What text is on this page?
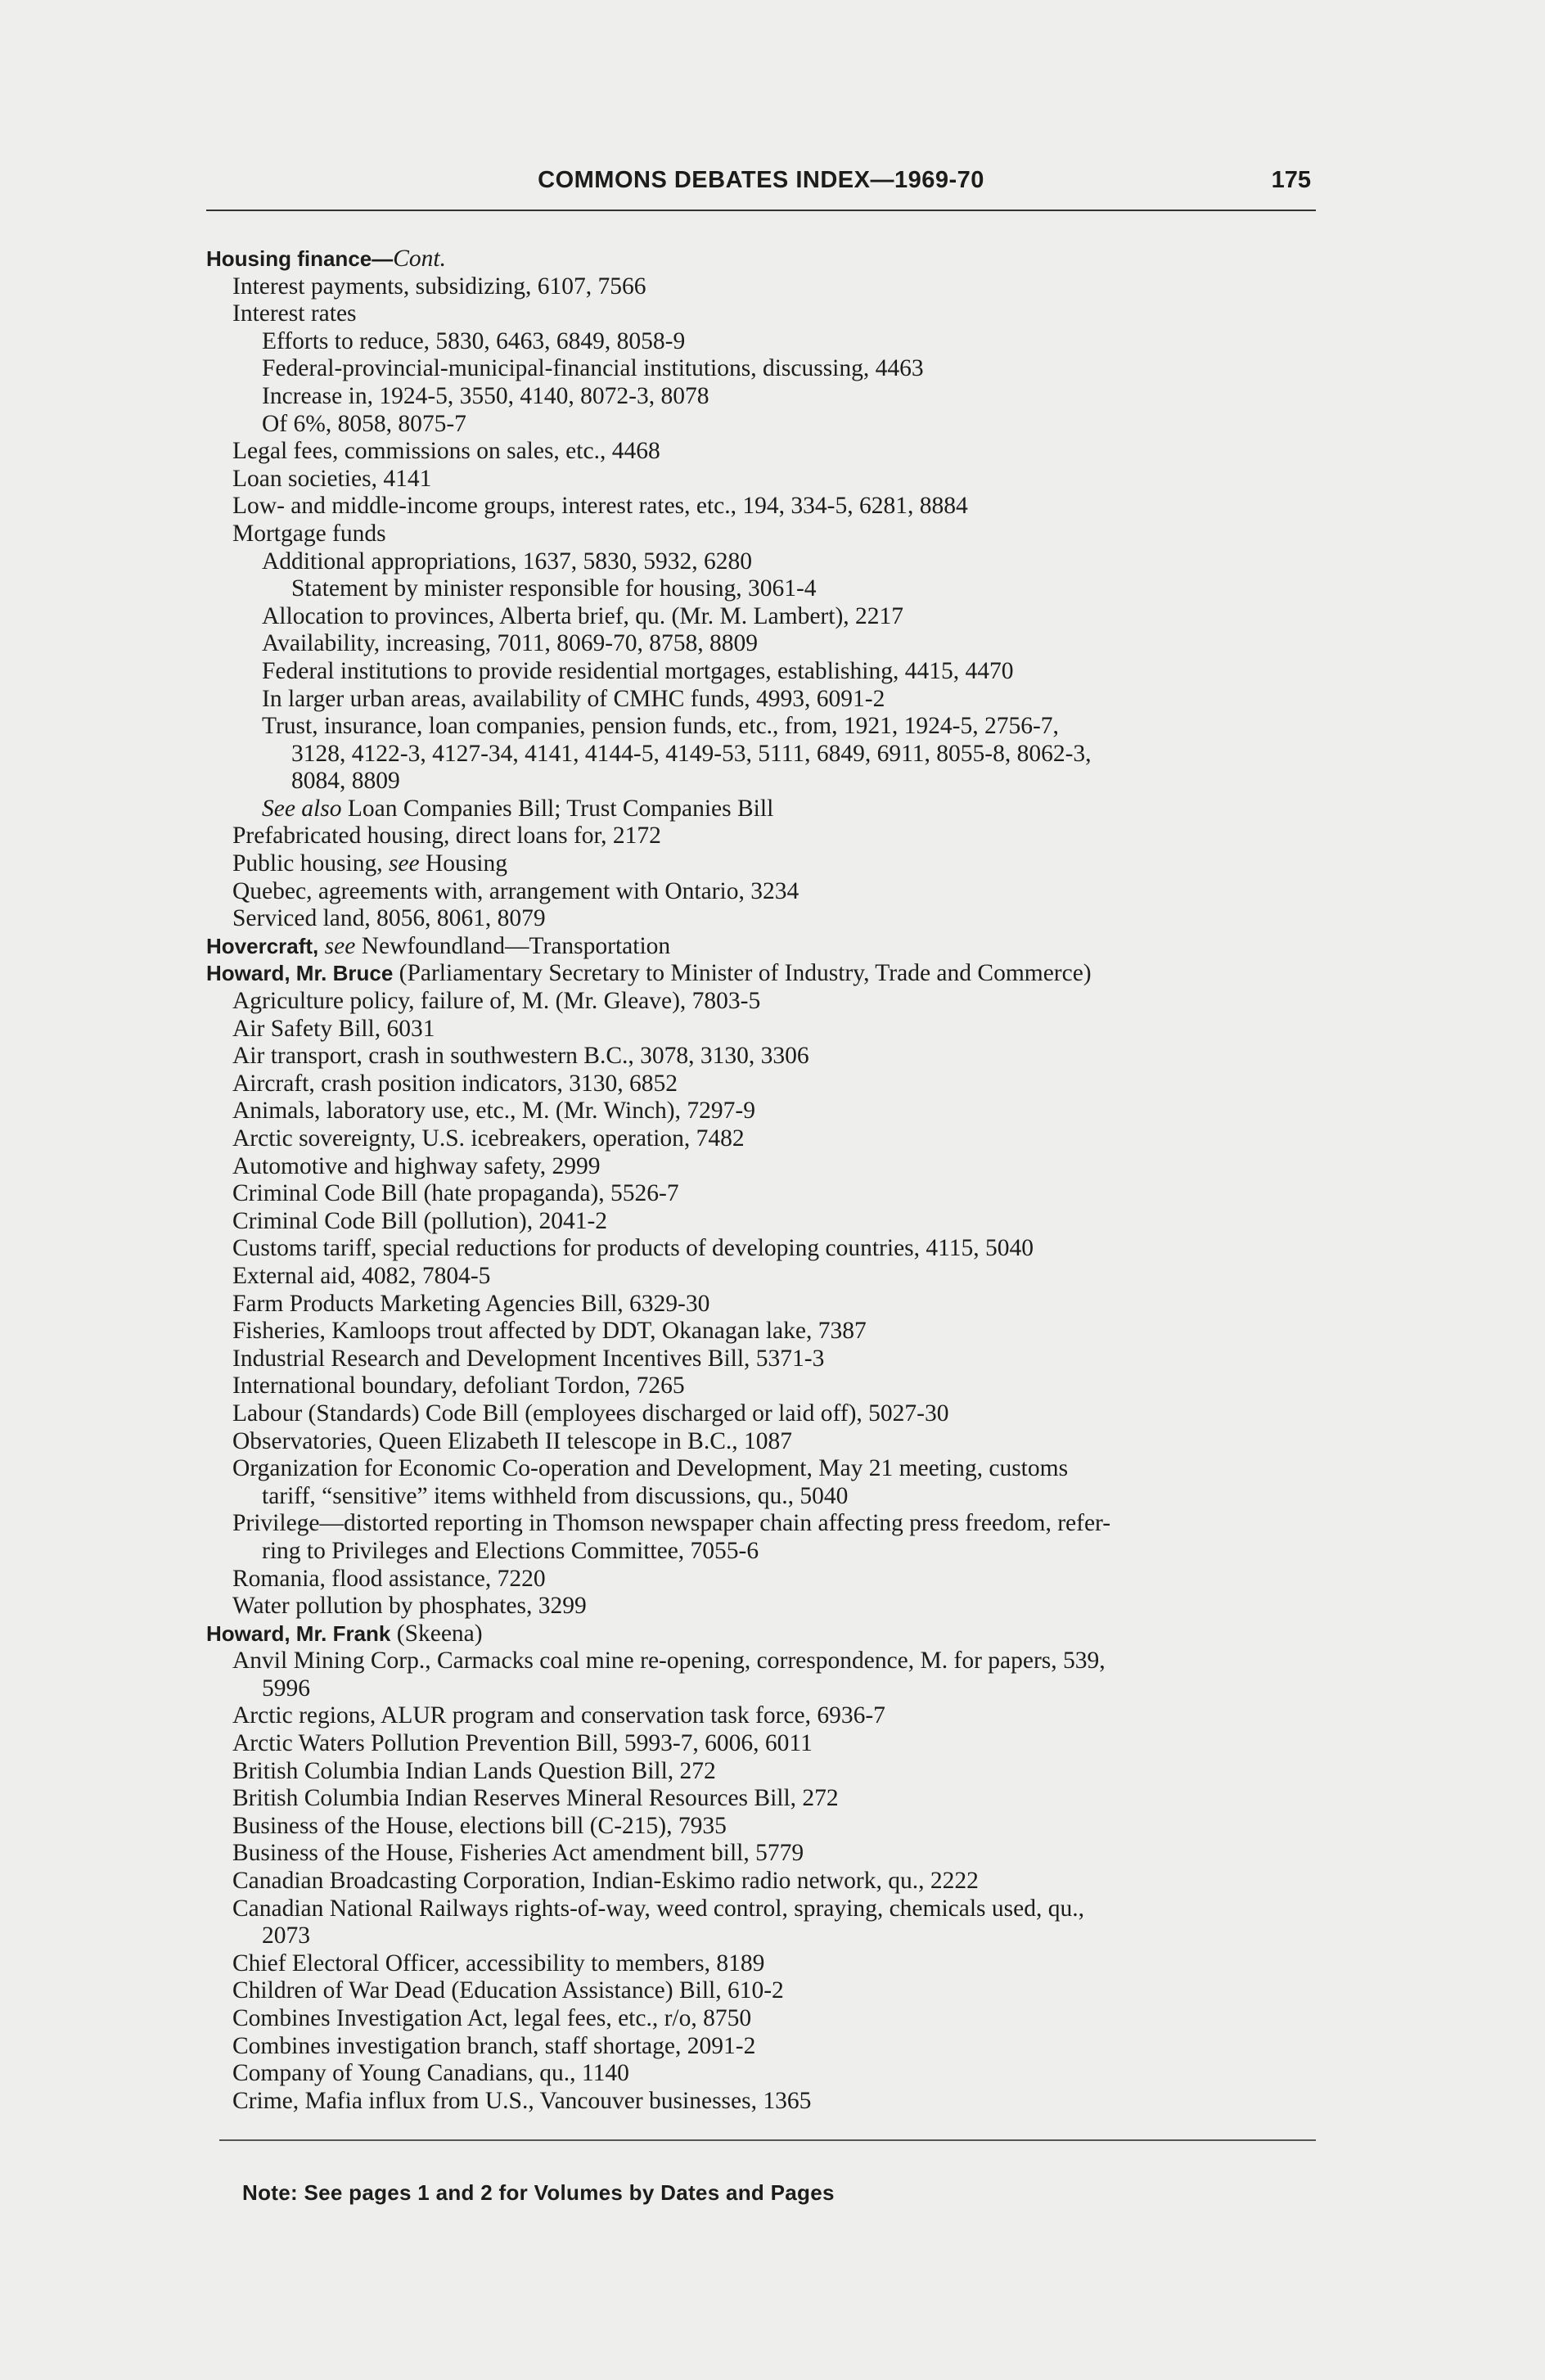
COMMONS DEBATES INDEX—1969-70	175
Housing finance—Cont.
Interest payments, subsidizing, 6107, 7566
Interest rates
Efforts to reduce, 5830, 6463, 6849, 8058-9
Federal-provincial-municipal-financial institutions, discussing, 4463
Increase in, 1924-5, 3550, 4140, 8072-3, 8078
Of 6%, 8058, 8075-7
Legal fees, commissions on sales, etc., 4468
Loan societies, 4141
Low- and middle-income groups, interest rates, etc., 194, 334-5, 6281, 8884
Mortgage funds
Additional appropriations, 1637, 5830, 5932, 6280
Statement by minister responsible for housing, 3061-4
Allocation to provinces, Alberta brief, qu. (Mr. M. Lambert), 2217
Availability, increasing, 7011, 8069-70, 8758, 8809
Federal institutions to provide residential mortgages, establishing, 4415, 4470
In larger urban areas, availability of CMHC funds, 4993, 6091-2
Trust, insurance, loan companies, pension funds, etc., from, 1921, 1924-5, 2756-7,
3128, 4122-3, 4127-34, 4141, 4144-5, 4149-53, 5111, 6849, 6911, 8055-8, 8062-3,
8084, 8809
See also Loan Companies Bill; Trust Companies Bill
Prefabricated housing, direct loans for, 2172
Public housing, see Housing
Quebec, agreements with, arrangement with Ontario, 3234
Serviced land, 8056, 8061, 8079
Hovercraft, see Newfoundland—Transportation
Howard, Mr. Bruce (Parliamentary Secretary to Minister of Industry, Trade and Commerce)
Agriculture policy, failure of, M. (Mr. Gleave), 7803-5
Air Safety Bill, 6031
Air transport, crash in southwestern B.C., 3078, 3130, 3306
Aircraft, crash position indicators, 3130, 6852
Animals, laboratory use, etc., M. (Mr. Winch), 7297-9
Arctic sovereignty, U.S. icebreakers, operation, 7482
Automotive and highway safety, 2999
Criminal Code Bill (hate propaganda), 5526-7
Criminal Code Bill (pollution), 2041-2
Customs tariff, special reductions for products of developing countries, 4115, 5040
External aid, 4082, 7804-5
Farm Products Marketing Agencies Bill, 6329-30
Fisheries, Kamloops trout affected by DDT, Okanagan lake, 7387
Industrial Research and Development Incentives Bill, 5371-3
International boundary, defoliant Tordon, 7265
Labour (Standards) Code Bill (employees discharged or laid off), 5027-30
Observatories, Queen Elizabeth II telescope in B.C., 1087
Organization for Economic Co-operation and Development, May 21 meeting, customs
tariff, “sensitive” items withheld from discussions, qu., 5040
Privilege—distorted reporting in Thomson newspaper chain affecting press freedom, refer-
ring to Privileges and Elections Committee, 7055-6
Romania, flood assistance, 7220
Water pollution by phosphates, 3299
Howard, Mr. Frank (Skeena)
Anvil Mining Corp., Carmacks coal mine re-opening, correspondence, M. for papers, 539,
5996
Arctic regions, ALUR program and conservation task force, 6936-7
Arctic Waters Pollution Prevention Bill, 5993-7, 6006, 6011
British Columbia Indian Lands Question Bill, 272
British Columbia Indian Reserves Mineral Resources Bill, 272
Business of the House, elections bill (C-215), 7935
Business of the House, Fisheries Act amendment bill, 5779
Canadian Broadcasting Corporation, Indian-Eskimo radio network, qu., 2222
Canadian National Railways rights-of-way, weed control, spraying, chemicals used, qu.,
2073
Chief Electoral Officer, accessibility to members, 8189
Children of War Dead (Education Assistance) Bill, 610-2
Combines Investigation Act, legal fees, etc., r/o, 8750
Combines investigation branch, staff shortage, 2091-2
Company of Young Canadians, qu., 1140
Crime, Mafia influx from U.S., Vancouver businesses, 1365
Note: See pages 1 and 2 for Volumes by Dates and Pages
